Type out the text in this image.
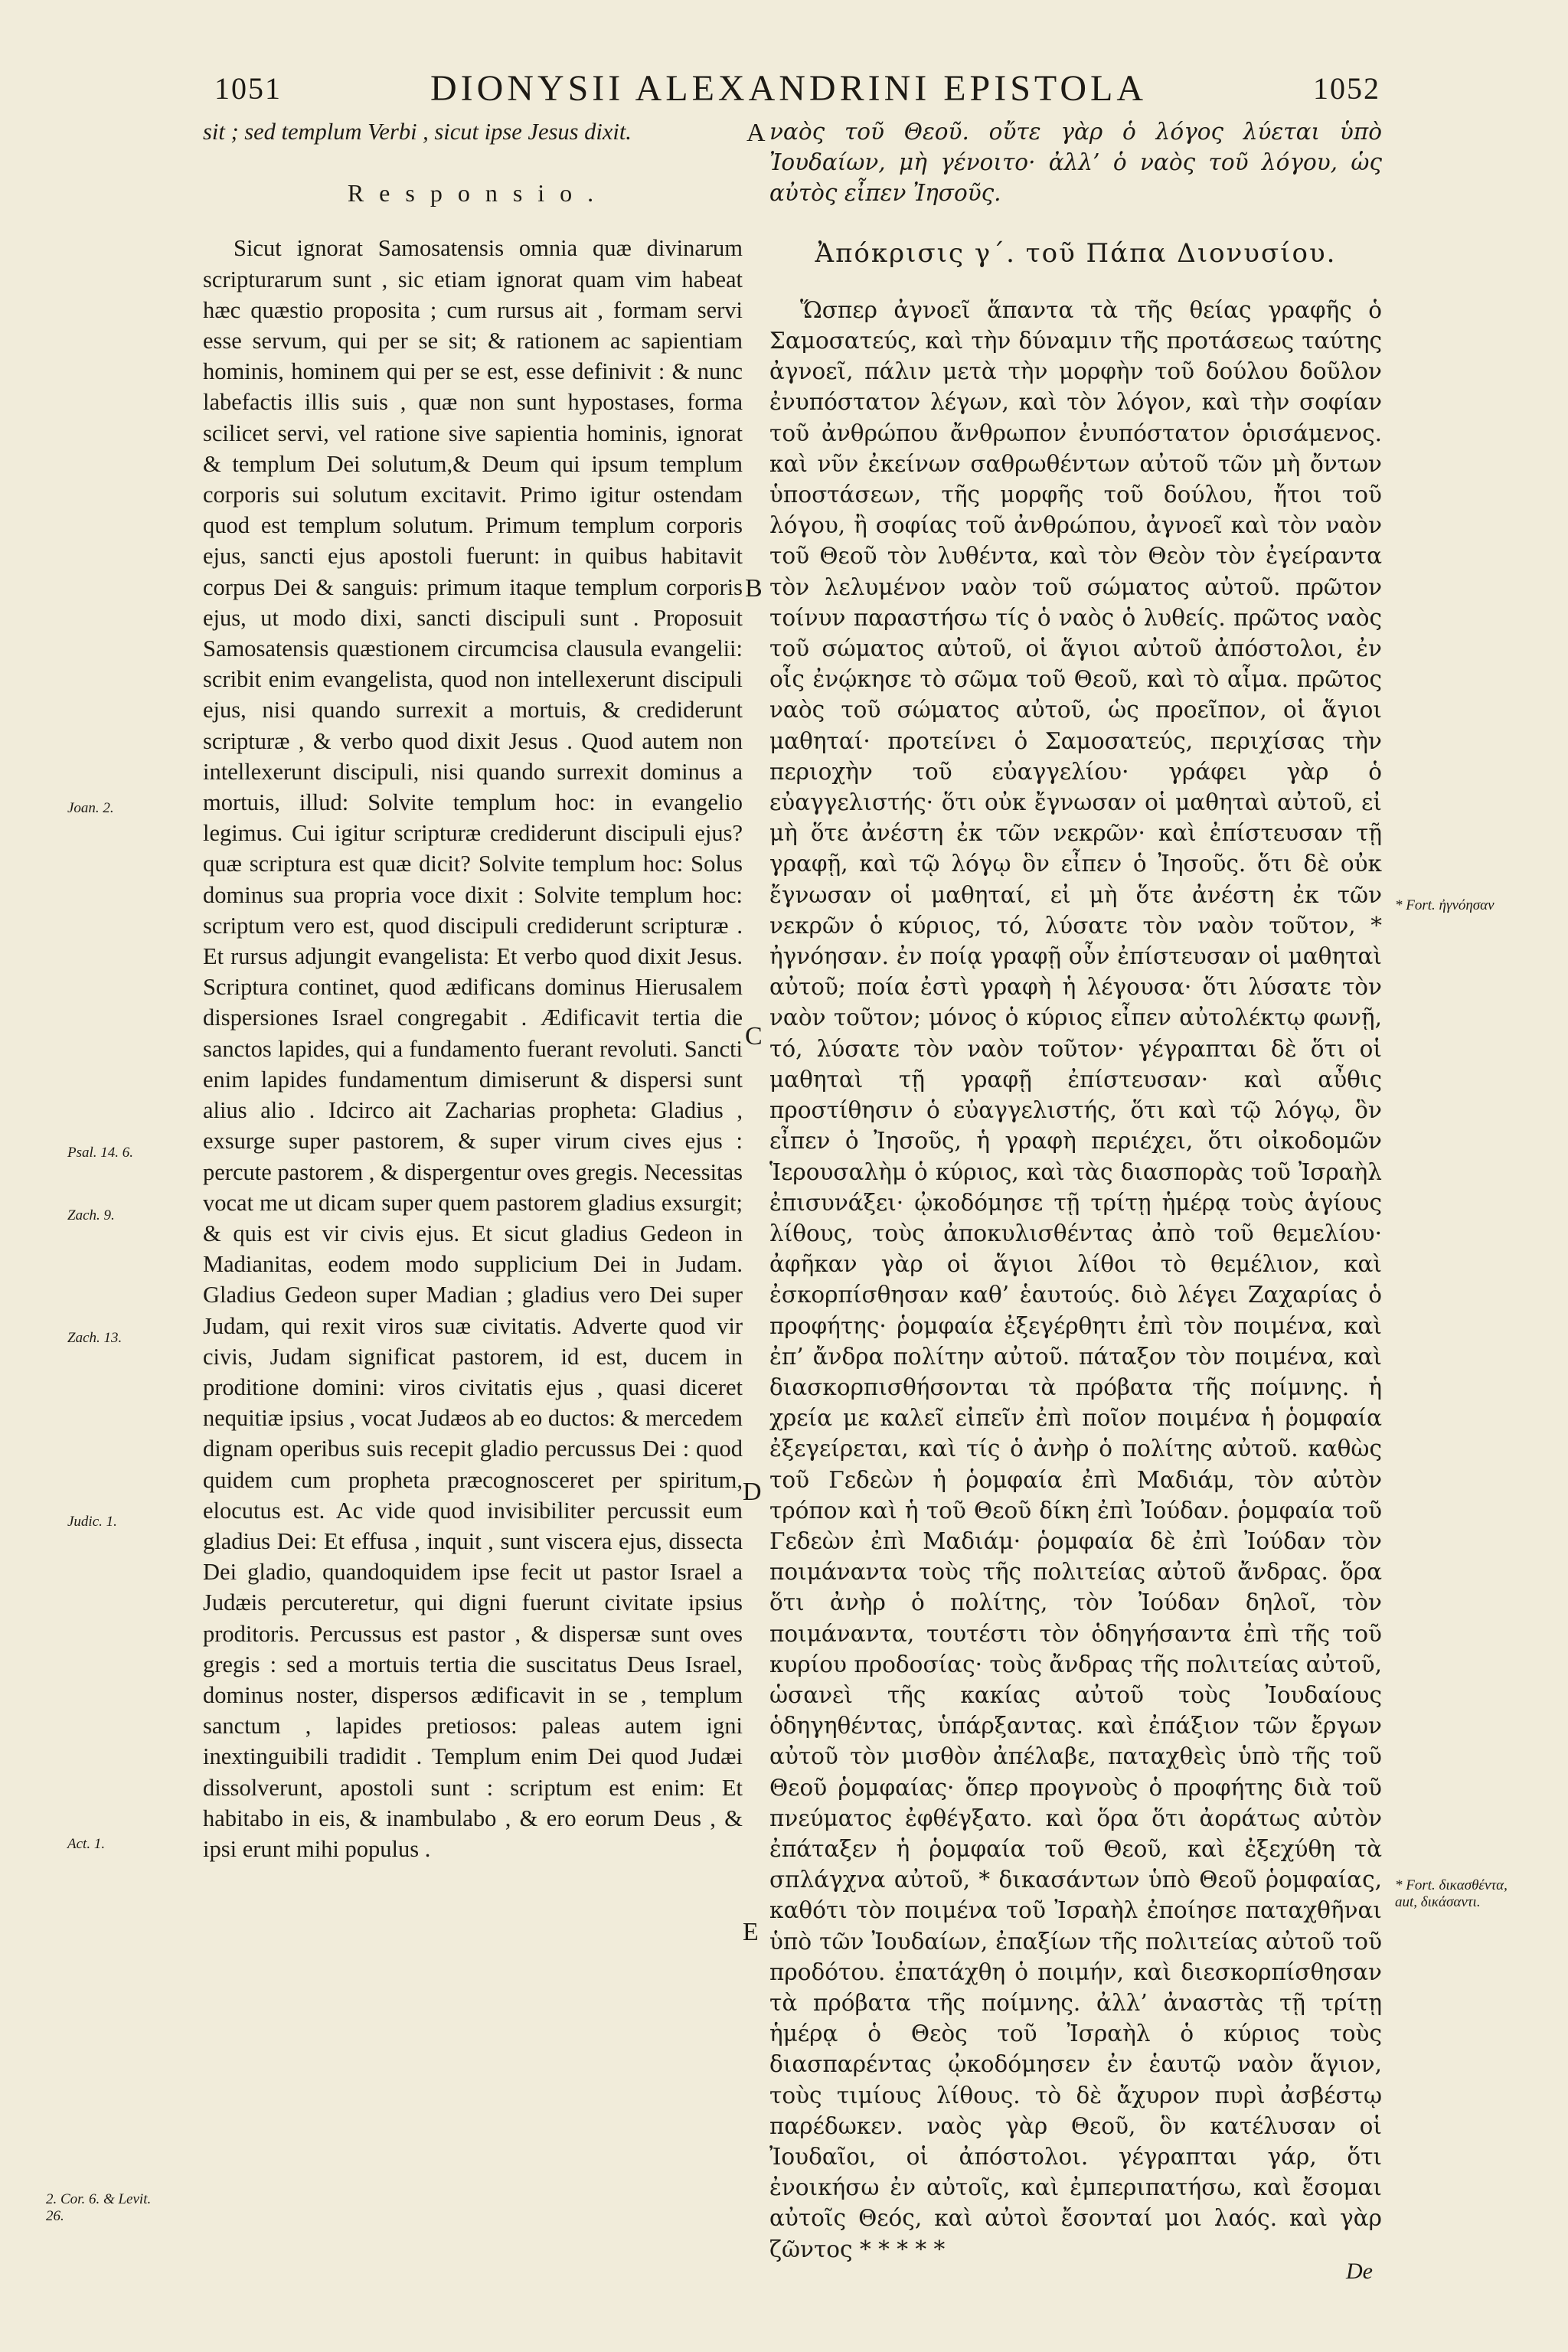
1051	DIONYSII ALEXANDRINI EPISTOLA	1052

sit ; sed templum Verbi , sicut ipse Jesus dixit.

R e s p o n s i o .

Sicut ignorat Samosatensis omnia quæ divinarum scripturarum sunt , sic etiam ignorat quam vim habeat hæc quæstio proposita ; cum rursus ait , formam servi esse servum, qui per se sit; & rationem ac sapientiam hominis, hominem qui per se est, esse definivit : & nunc labefactis illis suis , quæ non sunt hypostases, forma scilicet servi, vel ratione sive sapientia hominis, ignorat & templum Dei solutum,& Deum qui ipsum templum corporis sui solutum excitavit. Primo igitur ostendam quod est templum solutum. Primum templum corporis ejus, sancti ejus apostoli fuerunt: in quibus habitavit corpus Dei & sanguis: primum itaque templum corporis ejus, ut modo dixi, sancti discipuli sunt . Proposuit Samosatensis quæstionem circumcisa clausula evangelii: scribit enim evangelista, quod non intellexerunt discipuli ejus, nisi quando surrexit a mortuis, & crediderunt scripturæ , & verbo quod dixit Jesus . Quod autem non intellexerunt discipuli, nisi quando surrexit dominus a mortuis, illud: Solvite templum hoc: in evangelio legimus. Cui igitur scripturæ crediderunt discipuli ejus? quæ scriptura est quæ dicit? Solvite templum hoc: Solus dominus sua propria voce dixit : Solvite templum hoc: scriptum vero est, quod discipuli crediderunt scripturæ . Et rursus adjungit evangelista: Et verbo quod dixit Jesus. Scriptura continet, quod ædificans dominus Hierusalem dispersiones Israel congregabit . Ædificavit tertia die sanctos lapides, qui a fundamento fuerant revoluti. Sancti enim lapides fundamentum dimiserunt & dispersi sunt alius alio . Idcirco ait Zacharias propheta: Gladius , exsurge super pastorem, & super virum cives ejus : percute pastorem , & dispergentur oves gregis. Necessitas vocat me ut dicam super quem pastorem gladius exsurgit; & quis est vir civis ejus. Et sicut gladius Gedeon in Madianitas, eodem modo supplicium Dei in Judam. Gladius Gedeon super Madian ; gladius vero Dei super Judam, qui rexit viros suæ civitatis. Adverte quod vir civis, Judam significat pastorem, id est, ducem in proditione domini: viros civitatis ejus , quasi diceret nequitiæ ipsius , vocat Judæos ab eo ductos: & mercedem dignam operibus suis recepit gladio percussus Dei : quod quidem cum propheta præcognosceret per spiritum, elocutus est. Ac vide quod invisibiliter percussit eum gladius Dei: Et effusa , inquit , sunt viscera ejus, dissecta Dei gladio, quandoquidem ipse fecit ut pastor Israel a Judæis percuteretur, qui digni fuerunt civitate ipsius proditoris. Percussus est pastor , & dispersæ sunt oves gregis : sed a mortuis tertia die suscitatus Deus Israel, dominus noster, dispersos ædificavit in se , templum sanctum , lapides pretiosos: paleas autem igni inextinguibili tradidit . Templum enim Dei quod Judæi dissolverunt, apostoli sunt : scriptum est enim: Et habitabo in eis, & inambulabo , & ero eorum Deus , & ipsi erunt mihi populus .

ναὸς τοῦ Θεοῦ. οὔτε γὰρ ὁ λόγος λύεται ὑπὸ Ἰουδαίων, μὴ γένοιτο· ἀλλ’ ὁ ναὸς τοῦ λόγου, ὡς αὐτὸς εἶπεν Ἰησοῦς.

Ἀπόκρισις γ΄. τοῦ Πάπα Διονυσίου.

Ὥσπερ ἀγνοεῖ ἅπαντα τὰ τῆς θείας γραφῆς ὁ Σαμοσατεύς, καὶ τὴν δύναμιν τῆς προτάσεως ταύτης ἀγνοεῖ, πάλιν μετὰ τὴν μορφὴν τοῦ δούλου δοῦλον ἐνυπόστατον λέγων, καὶ τὸν λόγον, καὶ τὴν σοφίαν τοῦ ἀνθρώπου ἄνθρωπον ἐνυπόστατον ὁρισάμενος. καὶ νῦν ἐκείνων σαθρωθέντων αὐτοῦ τῶν μὴ ὄντων ὑποστάσεων, τῆς μορφῆς τοῦ δούλου, ἤτοι τοῦ λόγου, ἢ σοφίας τοῦ ἀνθρώπου, ἀγνοεῖ καὶ τὸν ναὸν τοῦ Θεοῦ τὸν λυθέντα, καὶ τὸν Θεὸν τὸν ἐγείραντα τὸν λελυμένον ναὸν τοῦ σώματος αὐτοῦ. πρῶτον τοίνυν παραστήσω τίς ὁ ναὸς ὁ λυθείς. πρῶτος ναὸς τοῦ σώματος αὐτοῦ, οἱ ἅγιοι αὐτοῦ ἀπόστολοι, ἐν οἷς ἐνῴκησε τὸ σῶμα τοῦ Θεοῦ, καὶ τὸ αἷμα. πρῶτος ναὸς τοῦ σώματος αὐτοῦ, ὡς προεῖπον, οἱ ἅγιοι μαθηταί· προτείνει ὁ Σαμοσατεύς, περιχίσας τὴν περιοχὴν τοῦ εὐαγγελίου· γράφει γὰρ ὁ εὐαγγελιστής· ὅτι οὐκ ἔγνωσαν οἱ μαθηταὶ αὐτοῦ, εἰ μὴ ὅτε ἀνέστη ἐκ τῶν νεκρῶν· καὶ ἐπίστευσαν τῇ γραφῇ, καὶ τῷ λόγῳ ὃν εἶπεν ὁ Ἰησοῦς. ὅτι δὲ οὐκ ἔγνωσαν οἱ μαθηταί, εἰ μὴ ὅτε ἀνέστη ἐκ τῶν νεκρῶν ὁ κύριος, τό, λύσατε τὸν ναὸν τοῦτον, * ἠγνόησαν. ἐν ποίᾳ γραφῇ οὖν ἐπίστευσαν οἱ μαθηταὶ αὐτοῦ; ποία ἐστὶ γραφὴ ἡ λέγουσα· ὅτι λύσατε τὸν ναὸν τοῦτον; μόνος ὁ κύριος εἶπεν αὐτολέκτῳ φωνῇ, τό, λύσατε τὸν ναὸν τοῦτον· γέγραπται δὲ ὅτι οἱ μαθηταὶ τῇ γραφῇ ἐπίστευσαν· καὶ αὖθις προστίθησιν ὁ εὐαγγελιστής, ὅτι καὶ τῷ λόγῳ, ὃν εἶπεν ὁ Ἰησοῦς, ἡ γραφὴ περιέχει, ὅτι οἰκοδομῶν Ἱερουσαλὴμ ὁ κύριος, καὶ τὰς διασπορὰς τοῦ Ἰσραὴλ ἐπισυνάξει· ᾠκοδόμησε τῇ τρίτῃ ἡμέρᾳ τοὺς ἁγίους λίθους, τοὺς ἀποκυλισθέντας ἀπὸ τοῦ θεμελίου· ἀφῆκαν γὰρ οἱ ἅγιοι λίθοι τὸ θεμέλιον, καὶ ἐσκορπίσθησαν καθ’ ἑαυτούς. διὸ λέγει Ζαχαρίας ὁ προφήτης· ῥομφαία ἐξεγέρθητι ἐπὶ τὸν ποιμένα, καὶ ἐπ’ ἄνδρα πολίτην αὐτοῦ. πάταξον τὸν ποιμένα, καὶ διασκορπισθήσονται τὰ πρόβατα τῆς ποίμνης. ἡ χρεία με καλεῖ εἰπεῖν ἐπὶ ποῖον ποιμένα ἡ ῥομφαία ἐξεγείρεται, καὶ τίς ὁ ἀνὴρ ὁ πολίτης αὐτοῦ. καθὼς τοῦ Γεδεὼν ἡ ῥομφαία ἐπὶ Μαδιάμ, τὸν αὐτὸν τρόπον καὶ ἡ τοῦ Θεοῦ δίκη ἐπὶ Ἰούδαν. ῥομφαία τοῦ Γεδεὼν ἐπὶ Μαδιάμ· ῥομφαία δὲ ἐπὶ Ἰούδαν τὸν ποιμάναντα τοὺς τῆς πολιτείας αὐτοῦ ἄνδρας. ὅρα ὅτι ἀνὴρ ὁ πολίτης, τὸν Ἰούδαν δηλοῖ, τὸν ποιμάναντα, τουτέστι τὸν ὁδηγήσαντα ἐπὶ τῆς τοῦ κυρίου προδοσίας· τοὺς ἄνδρας τῆς πολιτείας αὐτοῦ, ὡσανεὶ τῆς κακίας αὐτοῦ τοὺς Ἰουδαίους ὁδηγηθέντας, ὑπάρξαντας. καὶ ἐπάξιον τῶν ἔργων αὐτοῦ τὸν μισθὸν ἀπέλαβε, παταχθεὶς ὑπὸ τῆς τοῦ Θεοῦ ῥομφαίας· ὅπερ προγνοὺς ὁ προφήτης διὰ τοῦ πνεύματος ἐφθέγξατο. καὶ ὅρα ὅτι ἀοράτως αὐτὸν ἐπάταξεν ἡ ῥομφαία τοῦ Θεοῦ, καὶ ἐξεχύθη τὰ σπλάγχνα αὐτοῦ, * δικασάντων ὑπὸ Θεοῦ ῥομφαίας, καθότι τὸν ποιμένα τοῦ Ἰσραὴλ ἐποίησε παταχθῆναι ὑπὸ τῶν Ἰουδαίων, ἐπαξίων τῆς πολιτείας αὐτοῦ τοῦ προδότου. ἐπατάχθη ὁ ποιμήν, καὶ διεσκορπίσθησαν τὰ πρόβατα τῆς ποίμνης. ἀλλ’ ἀναστὰς τῇ τρίτῃ ἡμέρᾳ ὁ Θεὸς τοῦ Ἰσραὴλ ὁ κύριος τοὺς διασπαρέντας ᾠκοδόμησεν ἐν ἑαυτῷ ναὸν ἅγιον, τοὺς τιμίους λίθους. τὸ δὲ ἄχυρον πυρὶ ἀσβέστῳ παρέδωκεν. ναὸς γὰρ Θεοῦ, ὃν κατέλυσαν οἱ Ἰουδαῖοι, οἱ ἀπόστολοι. γέγραπται γάρ, ὅτι ἐνοικήσω ἐν αὐτοῖς, καὶ ἐμπεριπατήσω, καὶ ἔσομαι αὐτοῖς Θεός, καὶ αὐτοὶ ἔσονταί μοι λαός. καὶ γὰρ ζῶντος * * * * *

A
B
C
D
E
Joan. 2.
Psal. 14. 6.
Zach. 9.
Zach. 13.
Judic. 1.
Act. 1.
2. Cor. 6. & Levit. 26.
* Fort. ἠγνόησαν
* Fort. δικασθέντα, aut, δικάσαντι.
De
